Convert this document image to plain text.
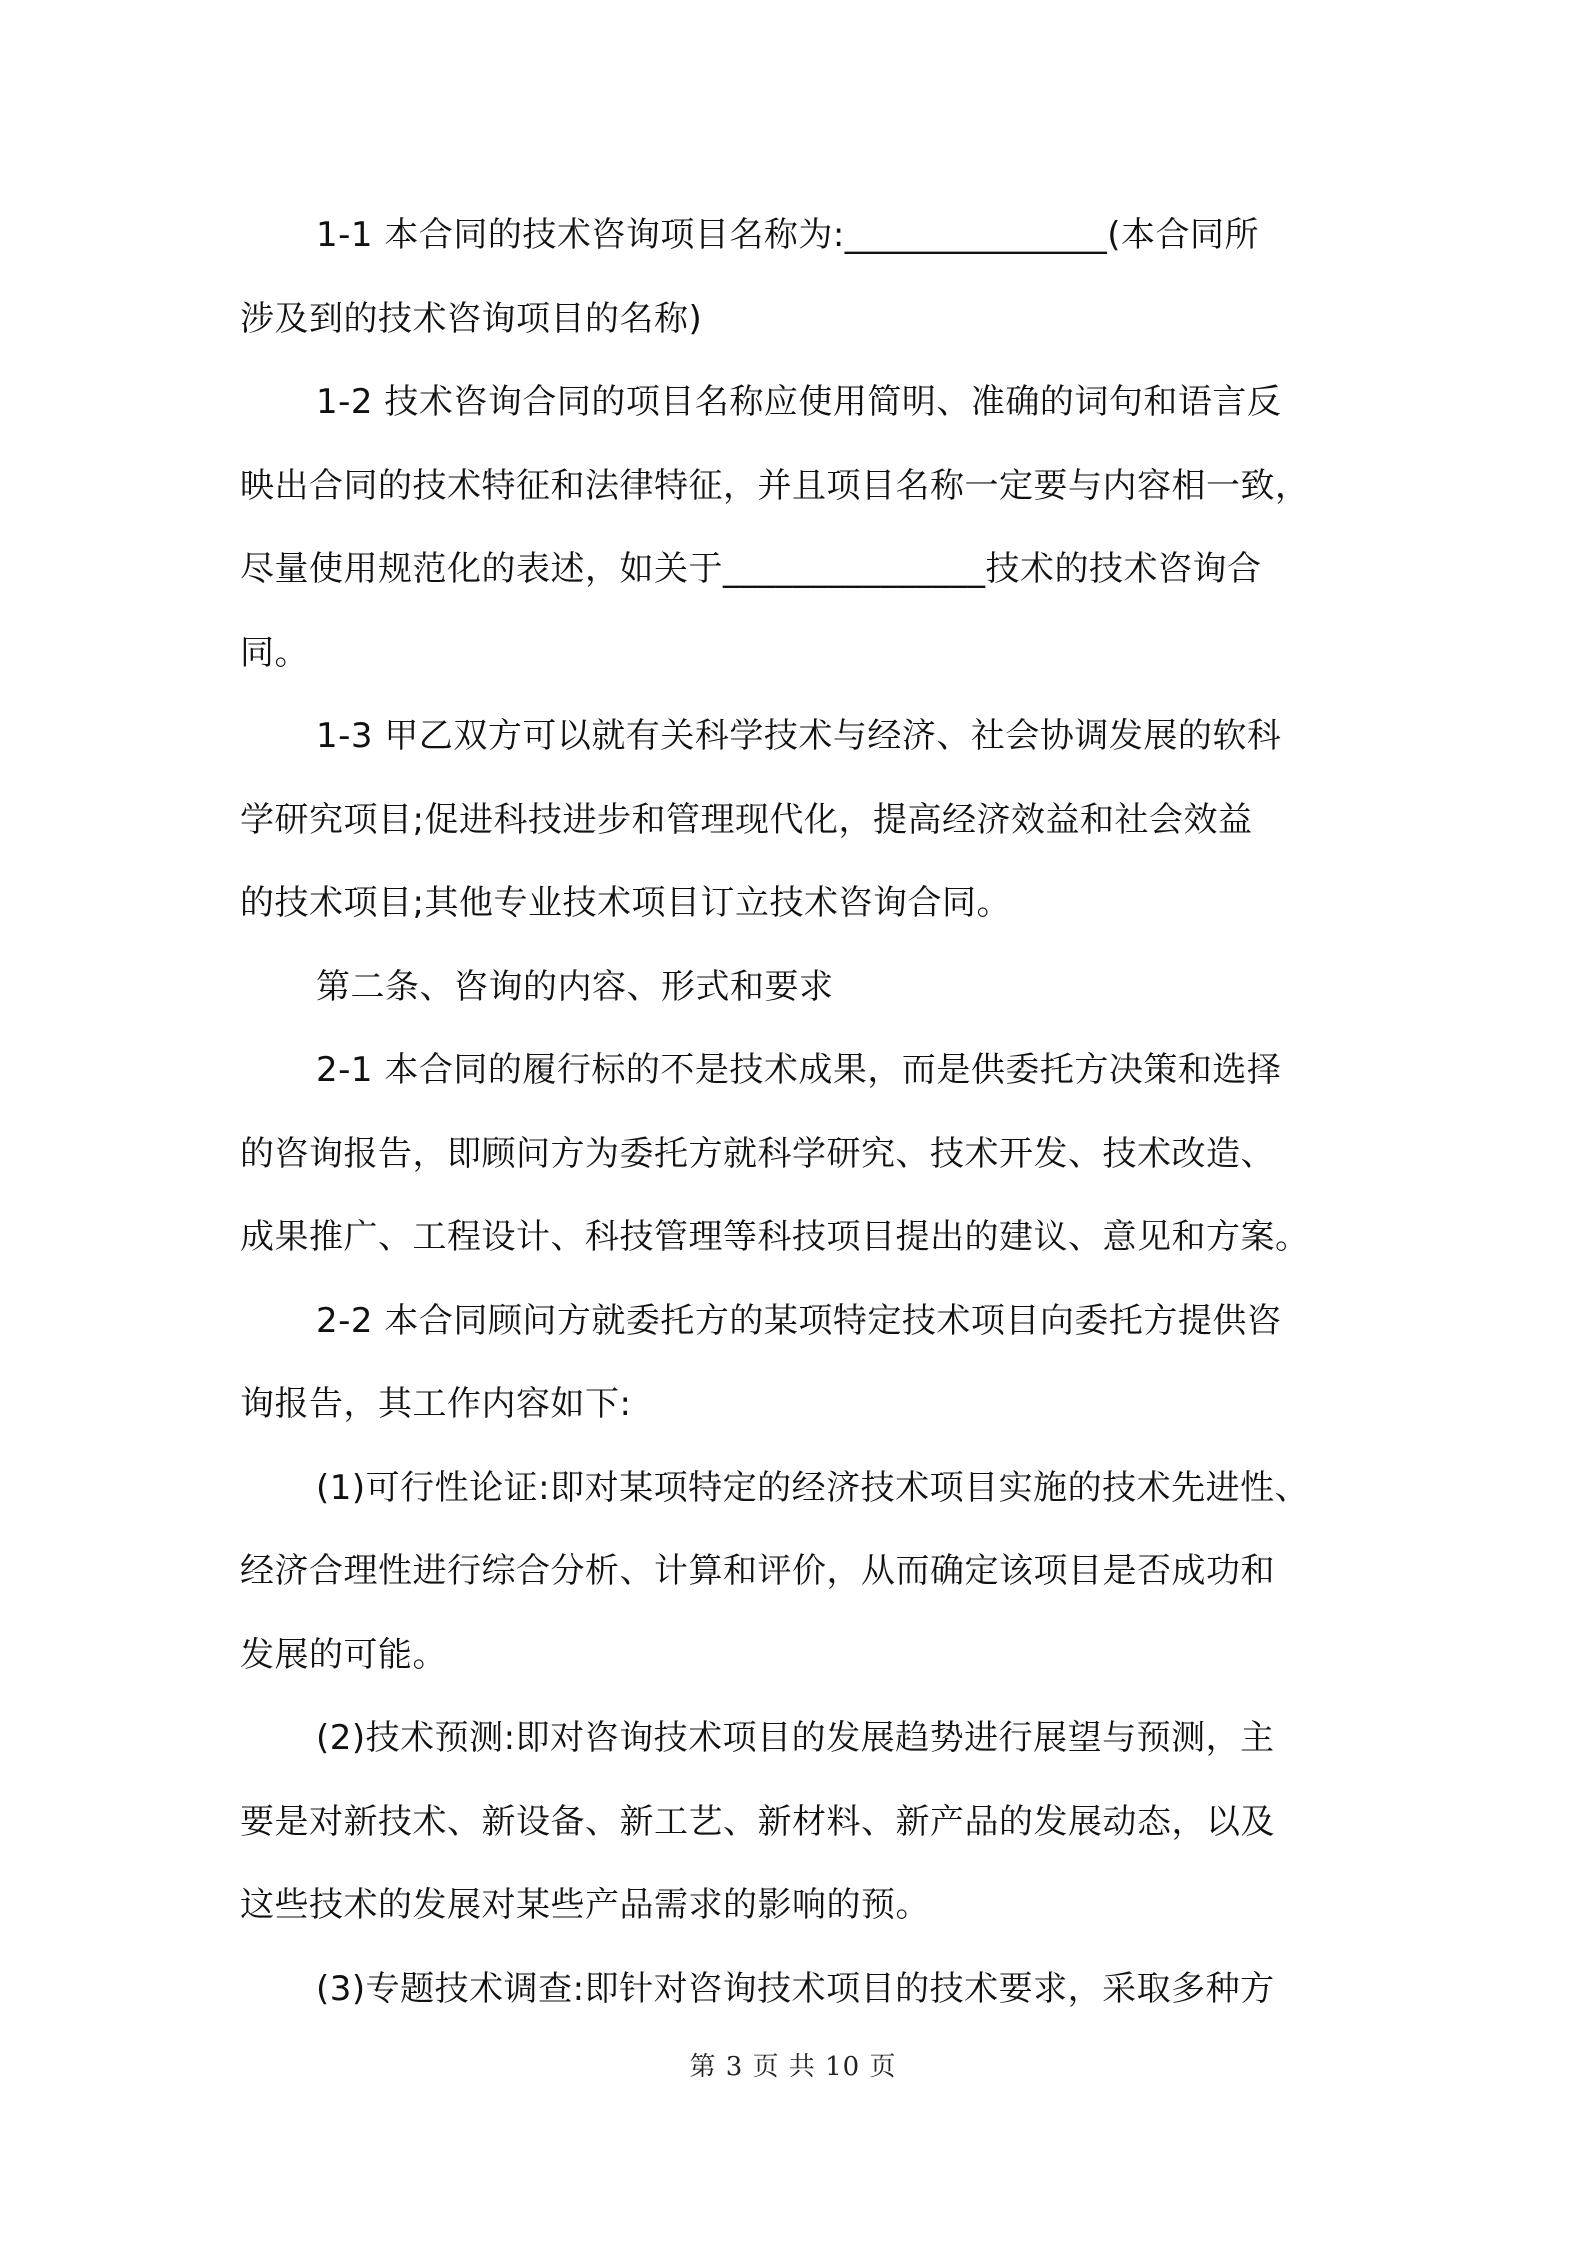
1-1 本合同的技术咨询项目名称为:_______________(本合同所
涉及到的技术咨询项目的名称)
1-2 技术咨询合同的项目名称应使用简明、准确的词句和语言反
映出合同的技术特征和法律特征，并且项目名称一定要与内容相一致，
尽量使用规范化的表述，如关于_______________技术的技术咨询合
同。
1-3 甲乙双方可以就有关科学技术与经济、社会协调发展的软科
学研究项目;促进科技进步和管理现代化，提高经济效益和社会效益
的技术项目;其他专业技术项目订立技术咨询合同。
第二条、咨询的内容、形式和要求
2-1 本合同的履行标的不是技术成果，而是供委托方决策和选择
的咨询报告，即顾问方为委托方就科学研究、技术开发、技术改造、
成果推广、工程设计、科技管理等科技项目提出的建议、意见和方案。
2-2 本合同顾问方就委托方的某项特定技术项目向委托方提供咨
询报告，其工作内容如下:
(1)可行性论证:即对某项特定的经济技术项目实施的技术先进性、
经济合理性进行综合分析、计算和评价，从而确定该项目是否成功和
发展的可能。
(2)技术预测:即对咨询技术项目的发展趋势进行展望与预测，主
要是对新技术、新设备、新工艺、新材料、新产品的发展动态，以及
这些技术的发展对某些产品需求的影响的预。
(3)专题技术调查:即针对咨询技术项目的技术要求，采取多种方
第 3 页 共 10 页
